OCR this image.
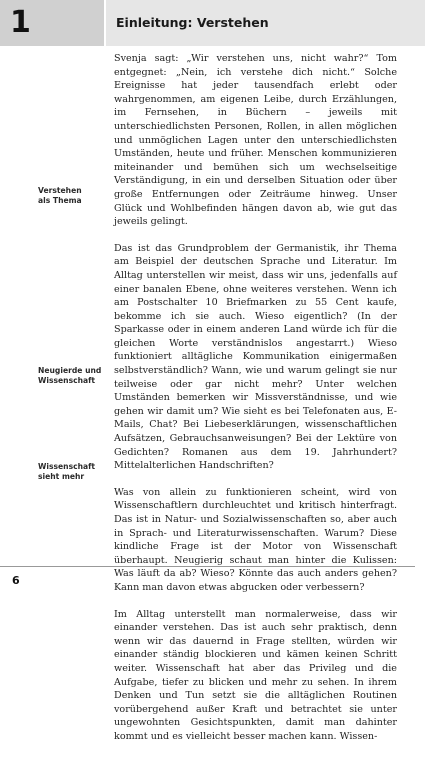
1	Einleitung: Verstehen
Verstehen
als Thema
Neugierde und
Wissenschaft
Wissenschaft
sieht mehr

Svenja sagt: „Wir verstehen uns, nicht wahr?“ Tom entgegnet: „Nein, ich verstehe dich nicht.“ Solche Ereignisse hat jeder tausendfach erlebt oder wahrgenommen, am eigenen Leibe, durch Erzählungen, im Fernsehen, in Büchern – jeweils mit unterschiedlichsten Personen, Rollen, in allen möglichen und unmöglichen Lagen unter den unterschiedlichsten Umständen, heute und früher. Menschen kommunizieren miteinander und bemühen sich um wechselseitige Verständigung, in ein und derselben Situation oder über große Entfernungen oder Zeiträume hinweg. Unser Glück und Wohlbefinden hängen davon ab, wie gut das jeweils gelingt.

Das ist das Grundproblem der Germanistik, ihr Thema am Beispiel der deutschen Sprache und Literatur. Im Alltag unterstellen wir meist, dass wir uns, jedenfalls auf einer banalen Ebene, ohne weiteres verstehen. Wenn ich am Postschalter 10 Briefmarken zu 55 Cent kaufe, bekomme ich sie auch. Wieso eigentlich? (In der Sparkasse oder in einem anderen Land würde ich für die gleichen Worte verständnislos angestarrt.) Wieso funktioniert alltägliche Kommunikation einigermaßen selbstverständlich? Wann, wie und warum gelingt sie nur teilweise oder gar nicht mehr? Unter welchen Umständen bemerken wir Missverständnisse, und wie gehen wir damit um? Wie sieht es bei Telefonaten aus, E-Mails, Chat? Bei Liebeserklärungen, wissenschaftlichen Aufsätzen, Gebrauchsanweisungen? Bei der Lektüre von Gedichten? Romanen aus dem 19. Jahrhundert? Mittelalterlichen Handschriften?

Was von allein zu funktionieren scheint, wird von Wissenschaftlern durchleuchtet und kritisch hinterfragt. Das ist in Natur- und Sozialwissenschaften so, aber auch in Sprach- und Literaturwissenschaften. Warum? Diese kindliche Frage ist der Motor von Wissenschaft überhaupt. Neugierig schaut man hinter die Kulissen: Was läuft da ab? Wieso? Könnte das auch anders gehen? Kann man davon etwas abgucken oder verbessern?

Im Alltag unterstellt man normalerweise, dass wir einander verstehen. Das ist auch sehr praktisch, denn wenn wir das dauernd in Frage stellten, würden wir einander ständig blockieren und kämen keinen Schritt weiter. Wissenschaft hat aber das Privileg und die Aufgabe, tiefer zu blicken und mehr zu sehen. In ihrem Denken und Tun setzt sie die alltäglichen Routinen vorübergehend außer Kraft und betrachtet sie unter ungewohnten Gesichtspunkten, damit man dahinter kommt und es vielleicht besser machen kann. Wissen-

6
